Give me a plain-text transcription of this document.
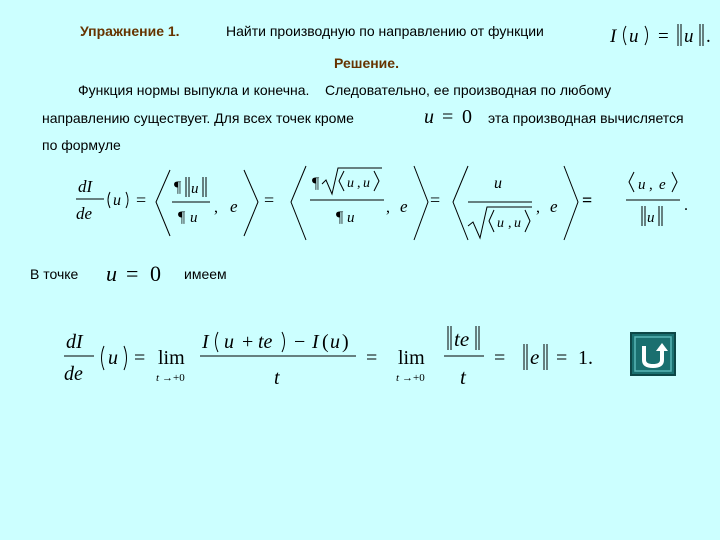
Упражнение 1.	Найти производную по направлению от функции	I u = u .
Решение.
Функция нормы выпукла и конечна.    Следовательно, ее производная по любому
направлению существует. Для всех точек кроме	u = 0 эта производная вычисляется
по формуле
dI
de
u =
¶ u
¶ u
, e =
¶ u , u
¶ u
, e =
u
u , u
, e =
u , e
u
.
В точке u = 0 имеем
dI
de
u = lim
t →+0
I u + te − I ( u )
t
= lim
t →+0
te
t
= e = 1.
